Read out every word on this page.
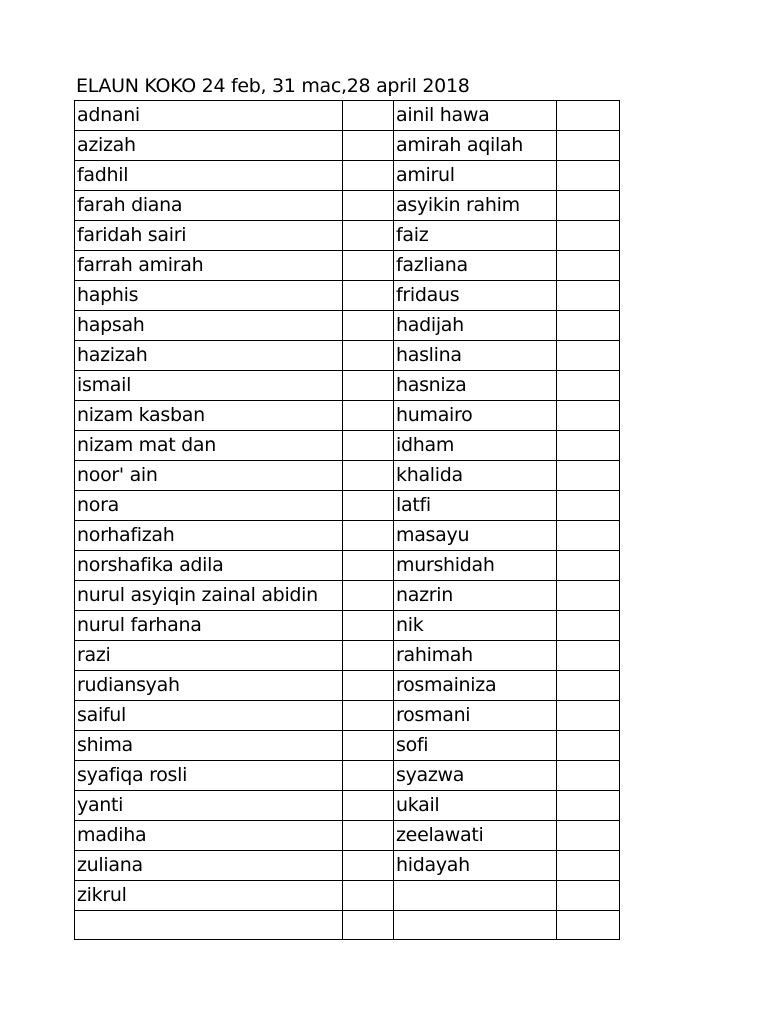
ELAUN KOKO 24 feb, 31 mac,28 april 2018
adnani		ainil hawa	
azizah		amirah aqilah	
fadhil		amirul	
farah diana		asyikin rahim	
faridah sairi		faiz	
farrah amirah		fazliana	
haphis		fridaus	
hapsah		hadijah	
hazizah		haslina	
ismail		hasniza	
nizam kasban		humairo	
nizam mat dan		idham	
noor' ain		khalida	
nora		latfi	
norhafizah		masayu	
norshafika adila		murshidah	
nurul asyiqin zainal abidin		nazrin	
nurul farhana		nik	
razi		rahimah	
rudiansyah		rosmainiza	
saiful		rosmani	
shima		sofi	
syafiqa rosli		syazwa	
yanti		ukail	
madiha		zeelawati	
zuliana		hidayah	
zikrul			
